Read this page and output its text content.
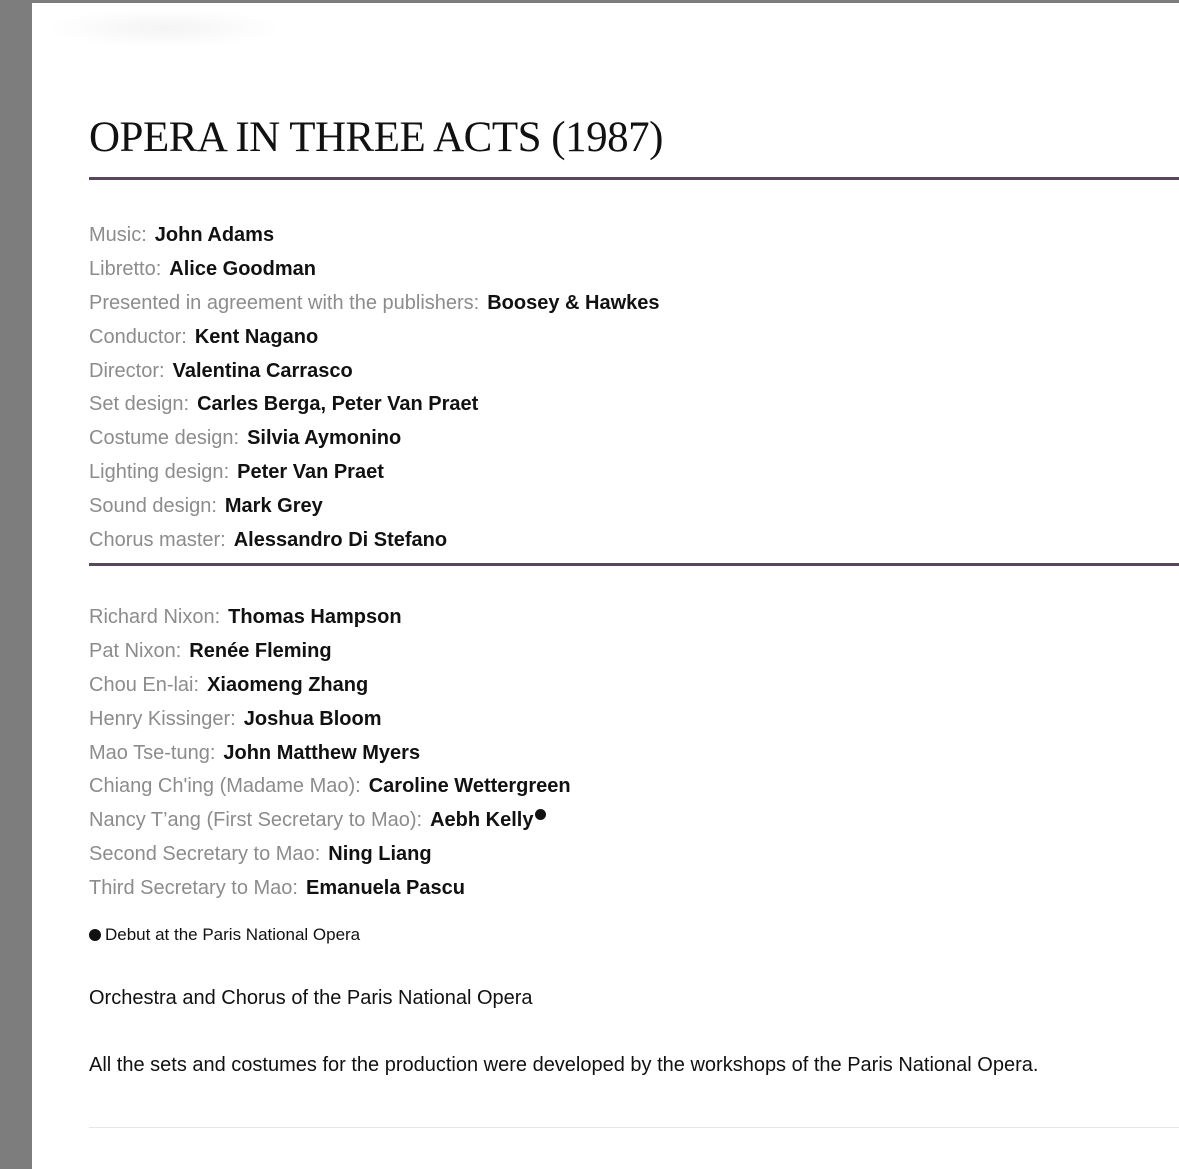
OPERA IN THREE ACTS (1987)
Music: John Adams
Libretto: Alice Goodman
Presented in agreement with the publishers: Boosey & Hawkes
Conductor: Kent Nagano
Director: Valentina Carrasco
Set design: Carles Berga, Peter Van Praet
Costume design: Silvia Aymonino
Lighting design: Peter Van Praet
Sound design: Mark Grey
Chorus master: Alessandro Di Stefano
Richard Nixon: Thomas Hampson
Pat Nixon: Renée Fleming
Chou En-lai: Xiaomeng Zhang
Henry Kissinger: Joshua Bloom
Mao Tse-tung: John Matthew Myers
Chiang Ch'ing (Madame Mao): Caroline Wettergreen
Nancy T’ang (First Secretary to Mao): Aebh Kelly
Second Secretary to Mao: Ning Liang
Third Secretary to Mao: Emanuela Pascu
Debut at the Paris National Opera
Orchestra and Chorus of the Paris National Opera
All the sets and costumes for the production were developed by the workshops of the Paris National Opera.
